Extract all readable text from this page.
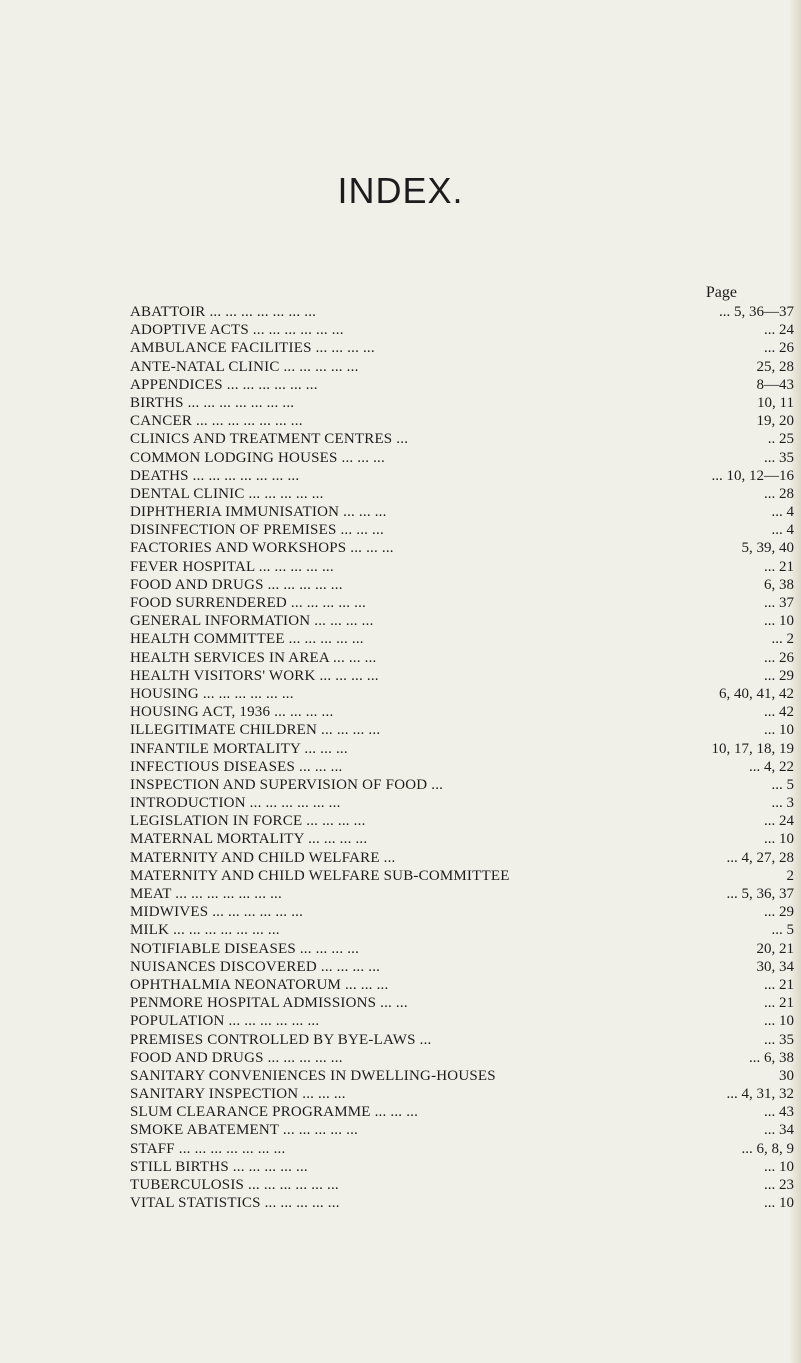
INDEX.
Page
ABATTOIR ... ... ... ... ... ... ...	... 5, 36—37
ADOPTIVE ACTS ... ... ... ... ... ...	... 24
AMBULANCE FACILITIES ... ... ... ...	... 26
ANTE-NATAL CLINIC ... ... ... ... ...	25, 28
APPENDICES ... ... ... ... ... ...	8—43
BIRTHS ... ... ... ... ... ... ...	10, 11
CANCER ... ... ... ... ... ... ...	19, 20
CLINICS AND TREATMENT CENTRES ...	.. 25
COMMON LODGING HOUSES ... ... ...	... 35
DEATHS ... ... ... ... ... ... ...	... 10, 12—16
DENTAL CLINIC ... ... ... ... ...	... 28
DIPHTHERIA IMMUNISATION ... ... ...	... 4
DISINFECTION OF PREMISES ... ... ...	... 4
FACTORIES AND WORKSHOPS ... ... ...	5, 39, 40
FEVER HOSPITAL ... ... ... ... ...	... 21
FOOD AND DRUGS ... ... ... ... ...	6, 38
FOOD SURRENDERED ... ... ... ... ...	... 37
GENERAL INFORMATION ... ... ... ...	... 10
HEALTH COMMITTEE ... ... ... ... ...	... 2
HEALTH SERVICES IN AREA ... ... ...	... 26
HEALTH VISITORS' WORK ... ... ... ...	... 29
HOUSING ... ... ... ... ... ...	6, 40, 41, 42
HOUSING ACT, 1936 ... ... ... ...	... 42
ILLEGITIMATE CHILDREN ... ... ... ...	... 10
INFANTILE MORTALITY ... ... ...	10, 17, 18, 19
INFECTIOUS DISEASES ... ... ...	... 4, 22
INSPECTION AND SUPERVISION OF FOOD ...	... 5
INTRODUCTION ... ... ... ... ... ...	... 3
LEGISLATION IN FORCE ... ... ... ...	... 24
MATERNAL MORTALITY ... ... ... ...	... 10
MATERNITY AND CHILD WELFARE ...	... 4, 27, 28
MATERNITY AND CHILD WELFARE SUB-COMMITTEE	2
MEAT ... ... ... ... ... ... ...	... 5, 36, 37
MIDWIVES ... ... ... ... ... ...	... 29
MILK ... ... ... ... ... ... ...	... 5
NOTIFIABLE DISEASES ... ... ... ...	20, 21
NUISANCES DISCOVERED ... ... ... ...	30, 34
OPHTHALMIA NEONATORUM ... ... ...	... 21
PENMORE HOSPITAL ADMISSIONS ... ...	... 21
POPULATION ... ... ... ... ... ...	... 10
PREMISES CONTROLLED BY BYE-LAWS ...	... 35
FOOD AND DRUGS ... ... ... ... ...	... 6, 38
SANITARY CONVENIENCES IN DWELLING-HOUSES	30
SANITARY INSPECTION ... ... ...	... 4, 31, 32
SLUM CLEARANCE PROGRAMME ... ... ...	... 43
SMOKE ABATEMENT ... ... ... ... ...	... 34
STAFF ... ... ... ... ... ... ...	... 6, 8, 9
STILL BIRTHS ... ... ... ... ...	... 10
TUBERCULOSIS ... ... ... ... ... ...	... 23
VITAL STATISTICS ... ... ... ... ...	... 10
